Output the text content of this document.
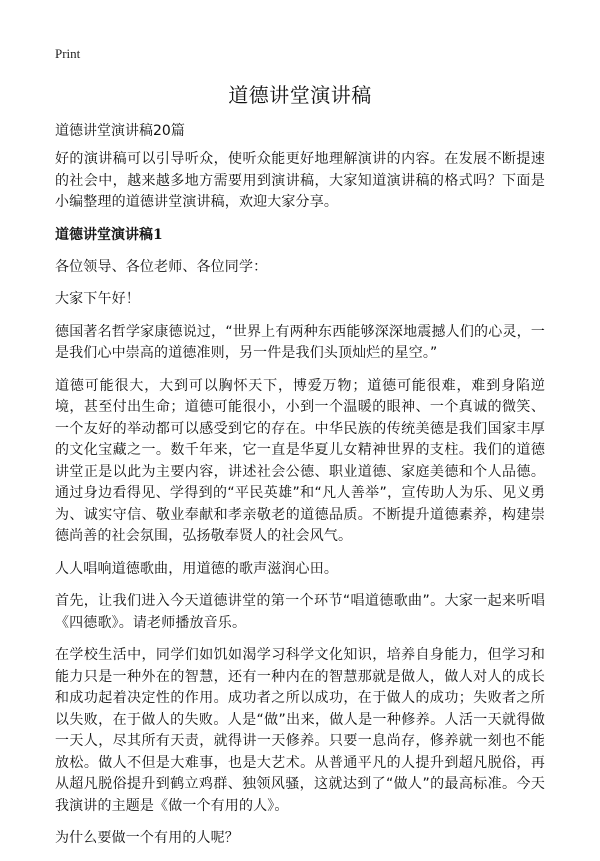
Print
道德讲堂演讲稿

道德讲堂演讲稿20篇

好的演讲稿可以引导听众，使听众能更好地理解演讲的内容。在发展不断提速的社会中，越来越多地方需要用到演讲稿，大家知道演讲稿的格式吗？下面是小编整理的道德讲堂演讲稿，欢迎大家分享。

道德讲堂演讲稿1

各位领导、各位老师、各位同学：

大家下午好！

德国著名哲学家康德说过，“世界上有两种东西能够深深地震撼人们的心灵，一是我们心中崇高的道德准则，另一件是我们头顶灿烂的星空。”

道德可能很大，大到可以胸怀天下，博爱万物；道德可能很难，难到身陷逆境，甚至付出生命；道德可能很小，小到一个温暖的眼神、一个真诚的微笑、一个友好的举动都可以感受到它的存在。中华民族的传统美德是我们国家丰厚的文化宝藏之一。数千年来，它一直是华夏儿女精神世界的支柱。我们的道德讲堂正是以此为主要内容，讲述社会公德、职业道德、家庭美德和个人品德。通过身边看得见、学得到的“平民英雄”和“凡人善举”，宣传助人为乐、见义勇为、诚实守信、敬业奉献和孝亲敬老的道德品质。不断提升道德素养，构建崇德尚善的社会氛围，弘扬敬奉贤人的社会风气。

人人唱响道德歌曲，用道德的歌声滋润心田。

首先，让我们进入今天道德讲堂的第一个环节“唱道德歌曲”。大家一起来听唱《四德歌》。请老师播放音乐。

在学校生活中，同学们如饥如渴学习科学文化知识，培养自身能力，但学习和能力只是一种外在的智慧，还有一种内在的智慧那就是做人，做人对人的成长和成功起着决定性的作用。成功者之所以成功，在于做人的成功；失败者之所以失败，在于做人的失败。人是“做”出来，做人是一种修养。人活一天就得做一天人，尽其所有天责，就得讲一天修养。只要一息尚存，修养就一刻也不能放松。做人不但是大难事，也是大艺术。从普通平凡的人提升到超凡脱俗，再从超凡脱俗提升到鹤立鸡群、独领风骚，这就达到了“做人”的最高标准。今天我演讲的主题是《做一个有用的人》。

为什么要做一个有用的人呢？
